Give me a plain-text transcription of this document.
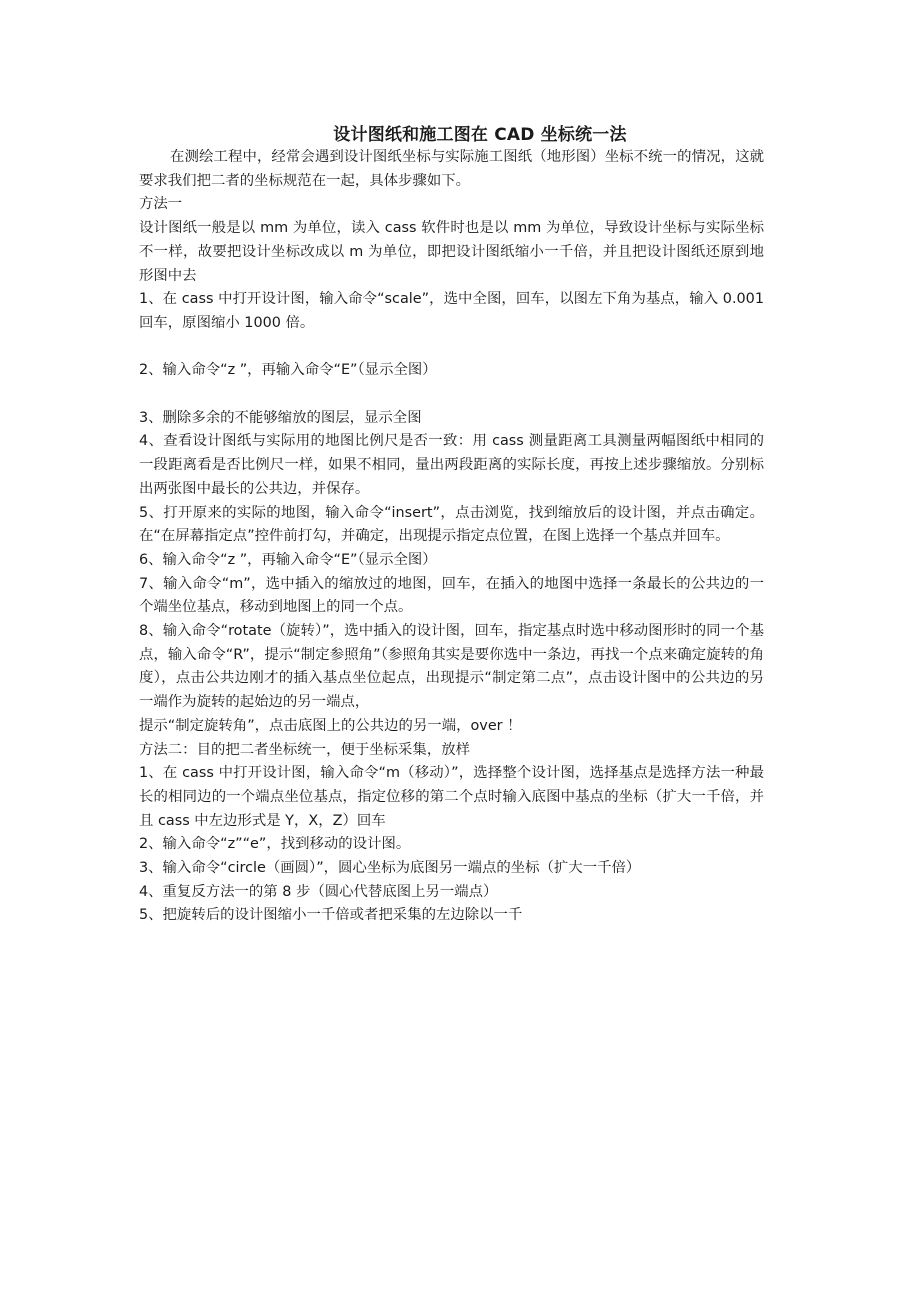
设计图纸和施工图在 CAD 坐标统一法

在测绘工程中，经常会遇到设计图纸坐标与实际施工图纸（地形图）坐标不统一的情况，这就要求我们把二者的坐标规范在一起，具体步骤如下。

方法一

设计图纸一般是以 mm 为单位，读入 cass 软件时也是以 mm 为单位，导致设计坐标与实际坐标不一样，故要把设计坐标改成以 m 为单位，即把设计图纸缩小一千倍，并且把设计图纸还原到地形图中去

1、在 cass 中打开设计图，输入命令“scale”，选中全图，回车，以图左下角为基点，输入 0.001 回车，原图缩小 1000 倍。

2、输入命令“z ”，再输入命令“E”（显示全图）

3、删除多余的不能够缩放的图层，显示全图

4、查看设计图纸与实际用的地图比例尺是否一致：用 cass 测量距离工具测量两幅图纸中相同的一段距离看是否比例尺一样，如果不相同，量出两段距离的实际长度，再按上述步骤缩放。分别标出两张图中最长的公共边，并保存。

5、打开原来的实际的地图，输入命令“insert”，点击浏览，找到缩放后的设计图，并点击确定。在“在屏幕指定点”控件前打勾，并确定，出现提示指定点位置，在图上选择一个基点并回车。

6、输入命令“z ”，再输入命令“E”（显示全图）

7、输入命令“m”，选中插入的缩放过的地图，回车，在插入的地图中选择一条最长的公共边的一个端坐位基点，移动到地图上的同一个点。

8、输入命令“rotate（旋转）”，选中插入的设计图，回车，指定基点时选中移动图形时的同一个基点，输入命令“R”，提示“制定参照角”（参照角其实是要你选中一条边，再找一个点来确定旋转的角度），点击公共边刚才的插入基点坐位起点，出现提示“制定第二点”，点击设计图中的公共边的另一端作为旋转的起始边的另一端点，

提示“制定旋转角”，点击底图上的公共边的另一端，over ！

方法二：目的把二者坐标统一，便于坐标采集，放样

1、在 cass 中打开设计图，输入命令“m（移动）”，选择整个设计图，选择基点是选择方法一种最长的相同边的一个端点坐位基点，指定位移的第二个点时输入底图中基点的坐标（扩大一千倍，并且 cass 中左边形式是 Y，X，Z）回车

2、输入命令“z”“e”，找到移动的设计图。

3、输入命令“circle（画圆）”，圆心坐标为底图另一端点的坐标（扩大一千倍）

4、重复反方法一的第 8 步（圆心代替底图上另一端点）

5、把旋转后的设计图缩小一千倍或者把采集的左边除以一千
